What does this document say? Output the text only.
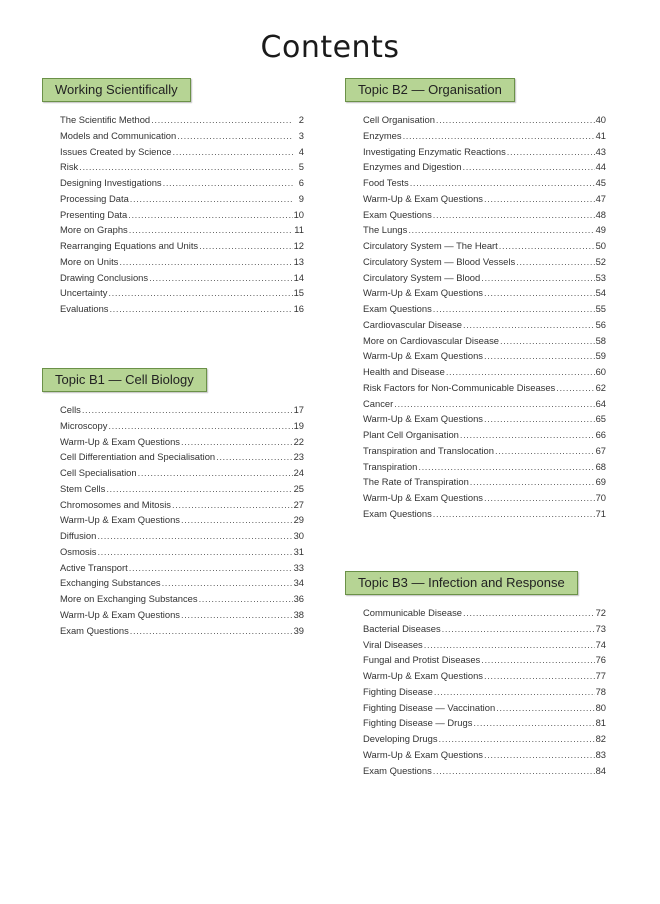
Contents
Working Scientifically
The Scientific Method .....	2
Models and Communication .....	3
Issues Created by Science .....	4
Risk .....	5
Designing Investigations .....	6
Processing Data .....	9
Presenting Data .....	10
More on Graphs .....	11
Rearranging Equations and Units .....	12
More on Units .....	13
Drawing Conclusions .....	14
Uncertainty .....	15
Evaluations .....	16
Topic B1 — Cell Biology
Cells .....	17
Microscopy .....	19
Warm-Up & Exam Questions .....	22
Cell Differentiation and Specialisation .....	23
Cell Specialisation .....	24
Stem Cells .....	25
Chromosomes and Mitosis .....	27
Warm-Up & Exam Questions .....	29
Diffusion .....	30
Osmosis .....	31
Active Transport .....	33
Exchanging Substances .....	34
More on Exchanging Substances .....	36
Warm-Up & Exam Questions .....	38
Exam Questions .....	39
Topic B2 — Organisation
Cell Organisation .....	40
Enzymes .....	41
Investigating Enzymatic Reactions .....	43
Enzymes and Digestion .....	44
Food Tests .....	45
Warm-Up & Exam Questions .....	47
Exam Questions .....	48
The Lungs .....	49
Circulatory System — The Heart .....	50
Circulatory System — Blood Vessels .....	52
Circulatory System — Blood .....	53
Warm-Up & Exam Questions .....	54
Exam Questions .....	55
Cardiovascular Disease .....	56
More on Cardiovascular Disease .....	58
Warm-Up & Exam Questions .....	59
Health and Disease .....	60
Risk Factors for Non-Communicable Diseases .....	62
Cancer .....	64
Warm-Up & Exam Questions .....	65
Plant Cell Organisation .....	66
Transpiration and Translocation .....	67
Transpiration .....	68
The Rate of Transpiration .....	69
Warm-Up & Exam Questions .....	70
Exam Questions .....	71
Topic B3 — Infection and Response
Communicable Disease .....	72
Bacterial Diseases .....	73
Viral Diseases .....	74
Fungal and Protist Diseases .....	76
Warm-Up & Exam Questions .....	77
Fighting Disease .....	78
Fighting Disease — Vaccination .....	80
Fighting Disease — Drugs .....	81
Developing Drugs .....	82
Warm-Up & Exam Questions .....	83
Exam Questions .....	84
